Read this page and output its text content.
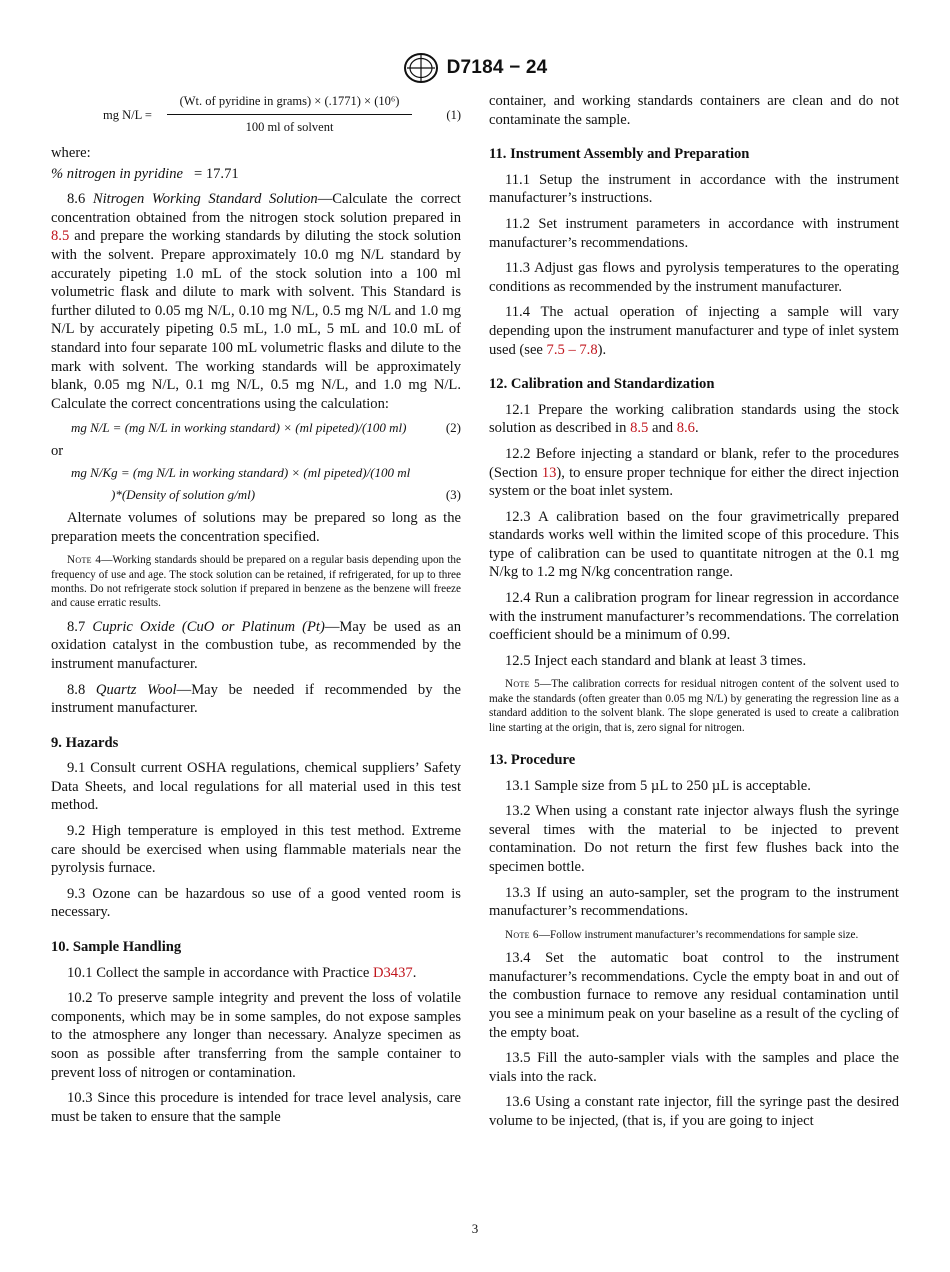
D7184 − 24
mg N/L =
(Wt. of pyridine in grams) × (.1771) × (10⁶)
100 ml of solvent
(1)

where:

% nitrogen in pyridine = 17.71

8.6 Nitrogen Working Standard Solution—Calculate the correct concentration obtained from the nitrogen stock solution prepared in 8.5 and prepare the working standards by diluting the stock solution with the solvent. Prepare approximately 10.0 mg N/L standard by accurately pipeting 1.0 mL of the stock solution into a 100 ml volumetric flask and dilute to mark with solvent. This Standard is further diluted to 0.05 mg N/L, 0.10 mg N/L, 0.5 mg N/L and 1.0 mg N/L by accurately pipeting 0.5 mL, 1.0 mL, 5 mL and 10.0 mL of standard into four separate 100 mL volumetric flasks and dilute to the mark with solvent. The working standards will be approximately blank, 0.05 mg N/L, 0.1 mg N/L, 0.5 mg N/L, and 1.0 mg N/L. Calculate the correct concentrations using the calculation:

mg N/L = (mg N/L in working standard) × (ml pipeted)/(100 ml)	(2)

or

mg N/Kg = (mg N/L in working standard) × (ml pipeted)/(100 ml
)*(Density of solution g/ml)	(3)

Alternate volumes of solutions may be prepared so long as the preparation meets the concentration specified.

Note 4—Working standards should be prepared on a regular basis depending upon the frequency of use and age. The stock solution can be retained, if refrigerated, for up to three months. Do not refrigerate stock solution if prepared in benzene as the benzene will freeze and cause erratic results.

8.7 Cupric Oxide (CuO or Platinum (Pt)—May be used as an oxidation catalyst in the combustion tube, as recommended by the instrument manufacturer.

8.8 Quartz Wool—May be needed if recommended by the instrument manufacturer.

9. Hazards

9.1 Consult current OSHA regulations, chemical suppliers’ Safety Data Sheets, and local regulations for all material used in this test method.

9.2 High temperature is employed in this test method. Extreme care should be exercised when using flammable materials near the pyrolysis furnace.

9.3 Ozone can be hazardous so use of a good vented room is necessary.

10. Sample Handling

10.1 Collect the sample in accordance with Practice D3437.

10.2 To preserve sample integrity and prevent the loss of volatile components, which may be in some samples, do not expose samples to the atmosphere any longer than necessary. Analyze specimen as soon as possible after transferring from the sample container to prevent loss of nitrogen or contamination.

10.3 Since this procedure is intended for trace level analysis, care must be taken to ensure that the sample

container, and working standards containers are clean and do not contaminate the sample.

11. Instrument Assembly and Preparation

11.1 Setup the instrument in accordance with the instrument manufacturer’s instructions.

11.2 Set instrument parameters in accordance with instrument manufacturer’s recommendations.

11.3 Adjust gas flows and pyrolysis temperatures to the operating conditions as recommended by the instrument manufacturer.

11.4 The actual operation of injecting a sample will vary depending upon the instrument manufacturer and type of inlet system used (see 7.5 – 7.8).

12. Calibration and Standardization

12.1 Prepare the working calibration standards using the stock solution as described in 8.5 and 8.6.

12.2 Before injecting a standard or blank, refer to the procedures (Section 13), to ensure proper technique for either the direct injection system or the boat inlet system.

12.3 A calibration based on the four gravimetrically prepared standards works well within the limited scope of this procedure. This type of calibration can be used to quantitate nitrogen at the 0.1 mg N/kg to 1.2 mg N/kg concentration range.

12.4 Run a calibration program for linear regression in accordance with the instrument manufacturer’s recommendations. The correlation coefficient should be a minimum of 0.99.

12.5 Inject each standard and blank at least 3 times.

Note 5—The calibration corrects for residual nitrogen content of the solvent used to make the standards (often greater than 0.05 mg N/L) by generating the regression line as a standard addition to the solvent blank. The slope generated is used to create a calibration line starting at the origin, that is, zero signal for nitrogen.

13. Procedure

13.1 Sample size from 5 µL to 250 µL is acceptable.

13.2 When using a constant rate injector always flush the syringe several times with the material to be injected to prevent contamination. Do not return the first few flushes back into the specimen bottle.

13.3 If using an auto-sampler, set the program to the instrument manufacturer’s recommendations.

Note 6—Follow instrument manufacturer’s recommendations for sample size.

13.4 Set the automatic boat control to the instrument manufacturer’s recommendations. Cycle the empty boat in and out of the combustion furnace to remove any residual contamination until you see a minimum peak on your baseline as a result of the cycling of the empty boat.

13.5 Fill the auto-sampler vials with the samples and place the vials into the rack.

13.6 Using a constant rate injector, fill the syringe past the desired volume to be injected, (that is, if you are going to inject

3
